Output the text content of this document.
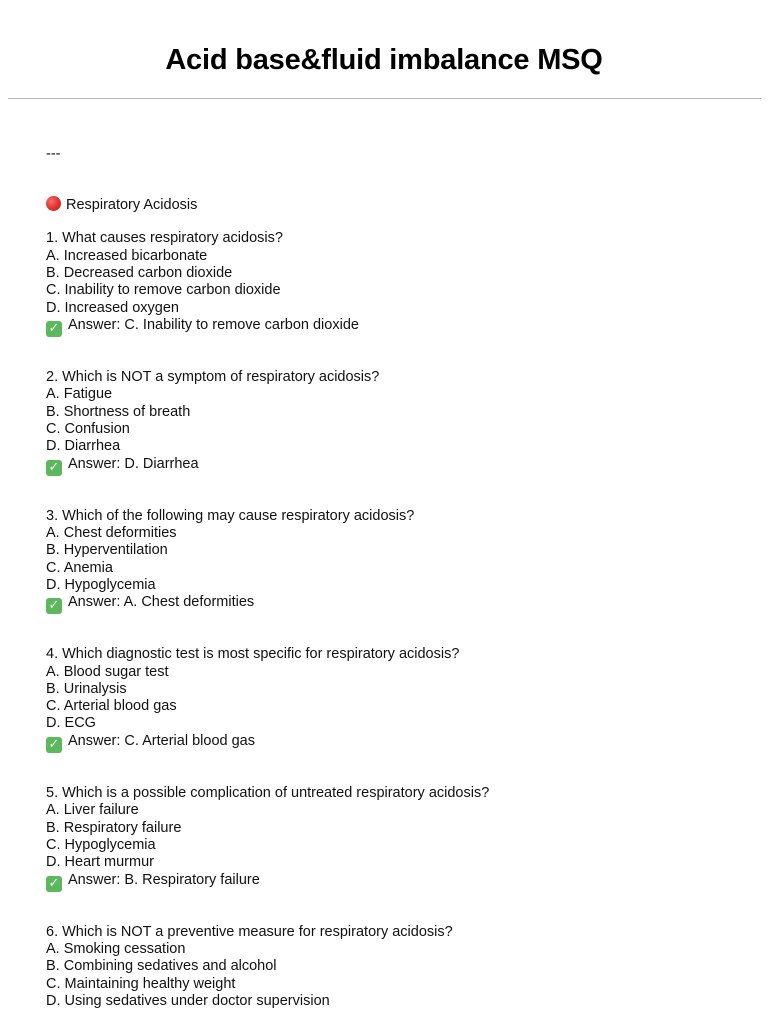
Acid base&fluid imbalance MSQ
---
Respiratory Acidosis
1. What causes respiratory acidosis?
A. Increased bicarbonate
B. Decreased carbon dioxide
C. Inability to remove carbon dioxide
D. Increased oxygen
✓ Answer: C. Inability to remove carbon dioxide
2. Which is NOT a symptom of respiratory acidosis?
A. Fatigue
B. Shortness of breath
C. Confusion
D. Diarrhea
✓ Answer: D. Diarrhea
3. Which of the following may cause respiratory acidosis?
A. Chest deformities
B. Hyperventilation
C. Anemia
D. Hypoglycemia
✓ Answer: A. Chest deformities
4. Which diagnostic test is most specific for respiratory acidosis?
A. Blood sugar test
B. Urinalysis
C. Arterial blood gas
D. ECG
✓ Answer: C. Arterial blood gas
5. Which is a possible complication of untreated respiratory acidosis?
A. Liver failure
B. Respiratory failure
C. Hypoglycemia
D. Heart murmur
✓ Answer: B. Respiratory failure
6. Which is NOT a preventive measure for respiratory acidosis?
A. Smoking cessation
B. Combining sedatives and alcohol
C. Maintaining healthy weight
D. Using sedatives under doctor supervision
